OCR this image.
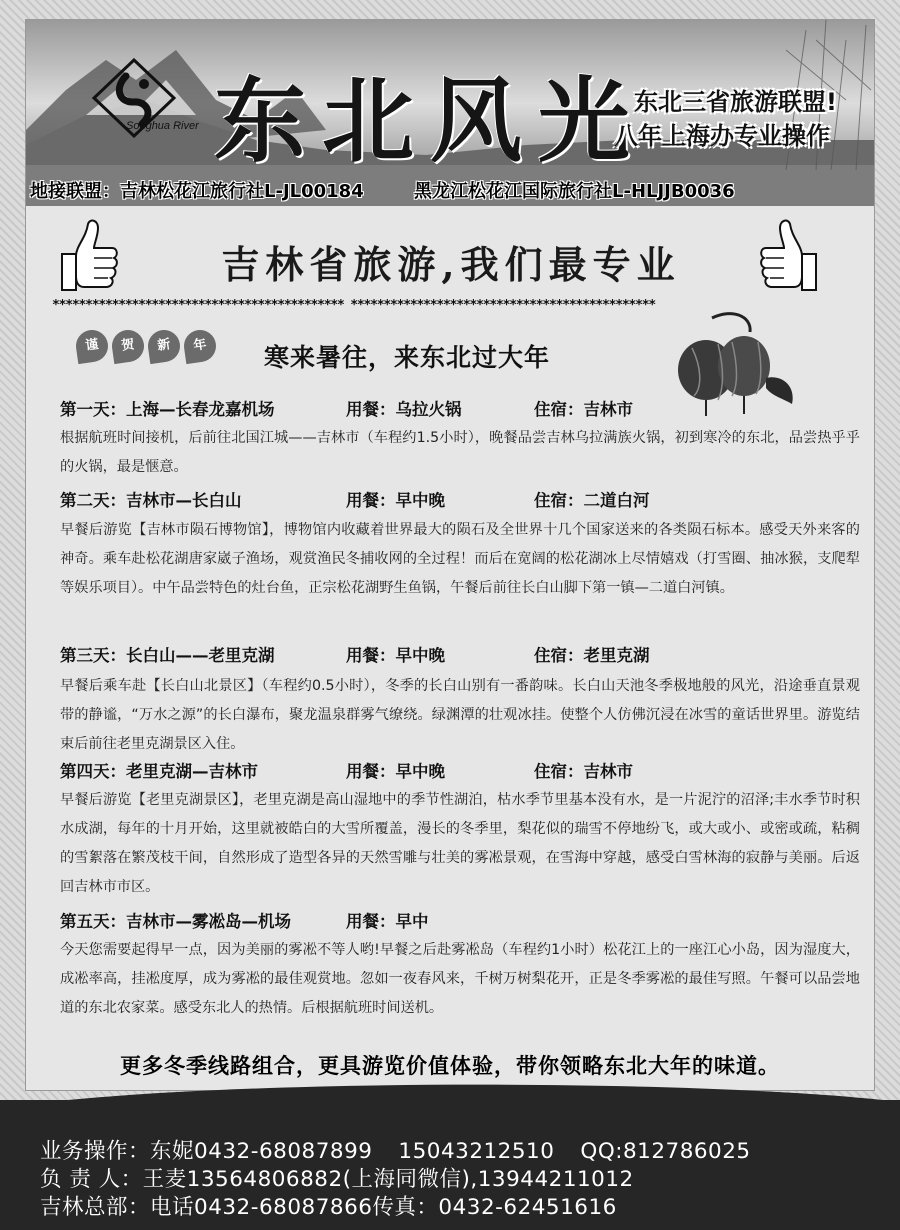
Songhua River 东北风光
东北三省旅游联盟!
八年上海办专业操作
地接联盟：吉林松花江旅行社L-JL00184	黑龙江松花江国际旅行社L-HLJJB0036
吉林省旅游,我们最专业
******************************************** **********************************************
谨 贺 新 年	寒来暑往，来东北过大年
第一天：上海—长春龙嘉机场	用餐：乌拉火锅	住宿：吉林市
根据航班时间接机，后前往北国江城——吉林市（车程约1.5小时），晚餐品尝吉林乌拉满族火锅，初到寒冷的东北，品尝热乎乎的火锅，最是惬意。
第二天：吉林市—长白山	用餐：早中晚	住宿：二道白河
早餐后游览【吉林市陨石博物馆】，博物馆内收藏着世界最大的陨石及全世界十几个国家送来的各类陨石标本。感受天外来客的神奇。乘车赴松花湖唐家崴子渔场，观赏渔民冬捕收网的全过程！而后在宽阔的松花湖冰上尽情嬉戏（打雪圈、抽冰猴，支爬犁等娱乐项目）。中午品尝特色的灶台鱼，正宗松花湖野生鱼锅，午餐后前往长白山脚下第一镇—二道白河镇。
第三天：长白山——老里克湖	用餐：早中晚	住宿：老里克湖
早餐后乘车赴【长白山北景区】（车程约0.5小时），冬季的长白山别有一番韵味。长白山天池冬季极地般的风光，沿途垂直景观带的静谧，“万水之源”的长白瀑布，聚龙温泉群雾气缭绕。绿渊潭的壮观冰挂。使整个人仿佛沉浸在冰雪的童话世界里。游览结束后前往老里克湖景区入住。
第四天：老里克湖—吉林市	用餐：早中晚	住宿：吉林市
早餐后游览【老里克湖景区】，老里克湖是高山湿地中的季节性湖泊，枯水季节里基本没有水，是一片泥泞的沼泽;丰水季节时积水成湖，每年的十月开始，这里就被皓白的大雪所覆盖，漫长的冬季里，梨花似的瑞雪不停地纷飞，或大或小、或密或疏，粘稠的雪絮落在繁茂枝干间，自然形成了造型各异的天然雪雕与壮美的雾凇景观，在雪海中穿越，感受白雪林海的寂静与美丽。后返回吉林市市区。
第五天：吉林市—雾凇岛—机场	用餐：早中
今天您需要起得早一点，因为美丽的雾凇不等人哟!早餐之后赴雾凇岛（车程约1小时）松花江上的一座江心小岛，因为湿度大，成凇率高，挂凇度厚，成为雾凇的最佳观赏地。忽如一夜春风来，千树万树梨花开，正是冬季雾凇的最佳写照。午餐可以品尝地道的东北农家菜。感受东北人的热情。后根据航班时间送机。
更多冬季线路组合，更具游览价值体验，带你领略东北大年的味道。
业务操作：东妮0432-68087899 15043212510 QQ:812786025
负 责 人：王麦13564806882(上海同微信),13944211012
吉林总部：电话0432-68087866传真：0432-62451616
